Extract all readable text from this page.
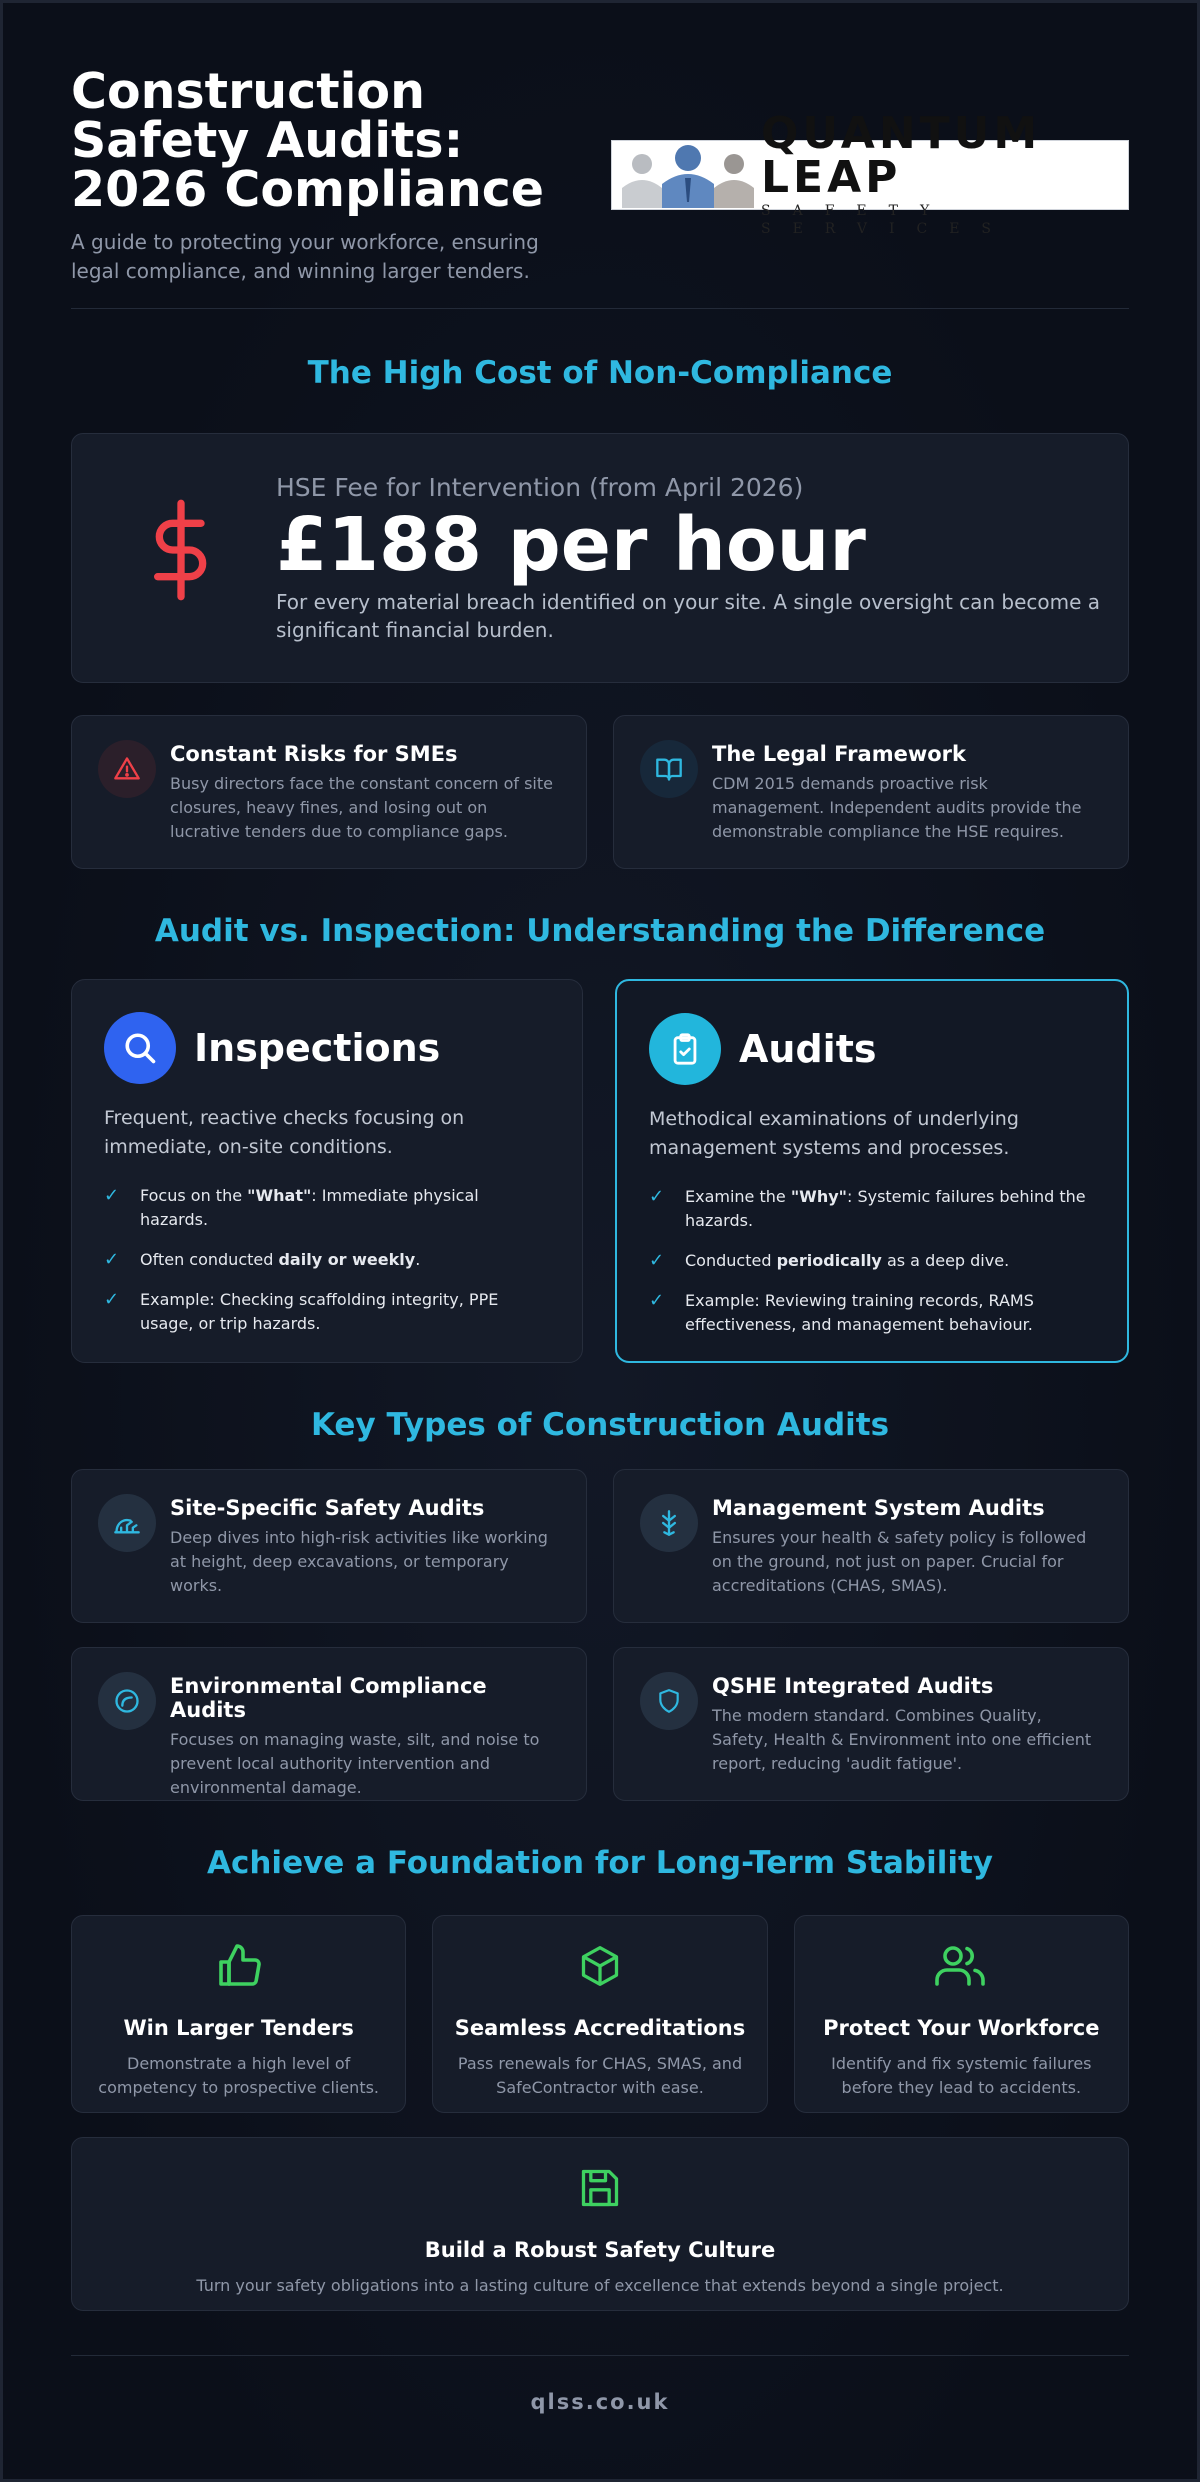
Construction Safety Audits: 2026 Compliance

A guide to protecting your workforce, ensuring legal compliance, and winning larger tenders.

QUANTUM LEAP
SAFETY SERVICES
The High Cost of Non-Compliance
HSE Fee for Intervention (from April 2026)
£188 per hour
For every material breach identified on your site. A single oversight can become a significant financial burden.
Constant Risks for SMEs
Busy directors face the constant concern of site closures, heavy fines, and losing out on lucrative tenders due to compliance gaps.
The Legal Framework
CDM 2015 demands proactive risk management. Independent audits provide the demonstrable compliance the HSE requires.
Audit vs. Inspection: Understanding the Difference
Inspections
Frequent, reactive checks focusing on immediate, on-site conditions.
✓	Focus on the "What": Immediate physical hazards.
✓	Often conducted daily or weekly.
✓	Example: Checking scaffolding integrity, PPE usage, or trip hazards.
Audits
Methodical examinations of underlying management systems and processes.
✓	Examine the "Why": Systemic failures behind the hazards.
✓	Conducted periodically as a deep dive.
✓	Example: Reviewing training records, RAMS effectiveness, and management behaviour.
Key Types of Construction Audits
Site-Specific Safety Audits
Deep dives into high-risk activities like working at height, deep excavations, or temporary works.
Management System Audits
Ensures your health & safety policy is followed on the ground, not just on paper. Crucial for accreditations (CHAS, SMAS).
Environmental Compliance Audits
Focuses on managing waste, silt, and noise to prevent local authority intervention and environmental damage.
QSHE Integrated Audits
The modern standard. Combines Quality, Safety, Health & Environment into one efficient report, reducing 'audit fatigue'.
Achieve a Foundation for Long-Term Stability
Win Larger Tenders
Demonstrate a high level of competency to prospective clients.
Seamless Accreditations
Pass renewals for CHAS, SMAS, and SafeContractor with ease.
Protect Your Workforce
Identify and fix systemic failures before they lead to accidents.
Build a Robust Safety Culture
Turn your safety obligations into a lasting culture of excellence that extends beyond a single project.
qlss.co.uk
